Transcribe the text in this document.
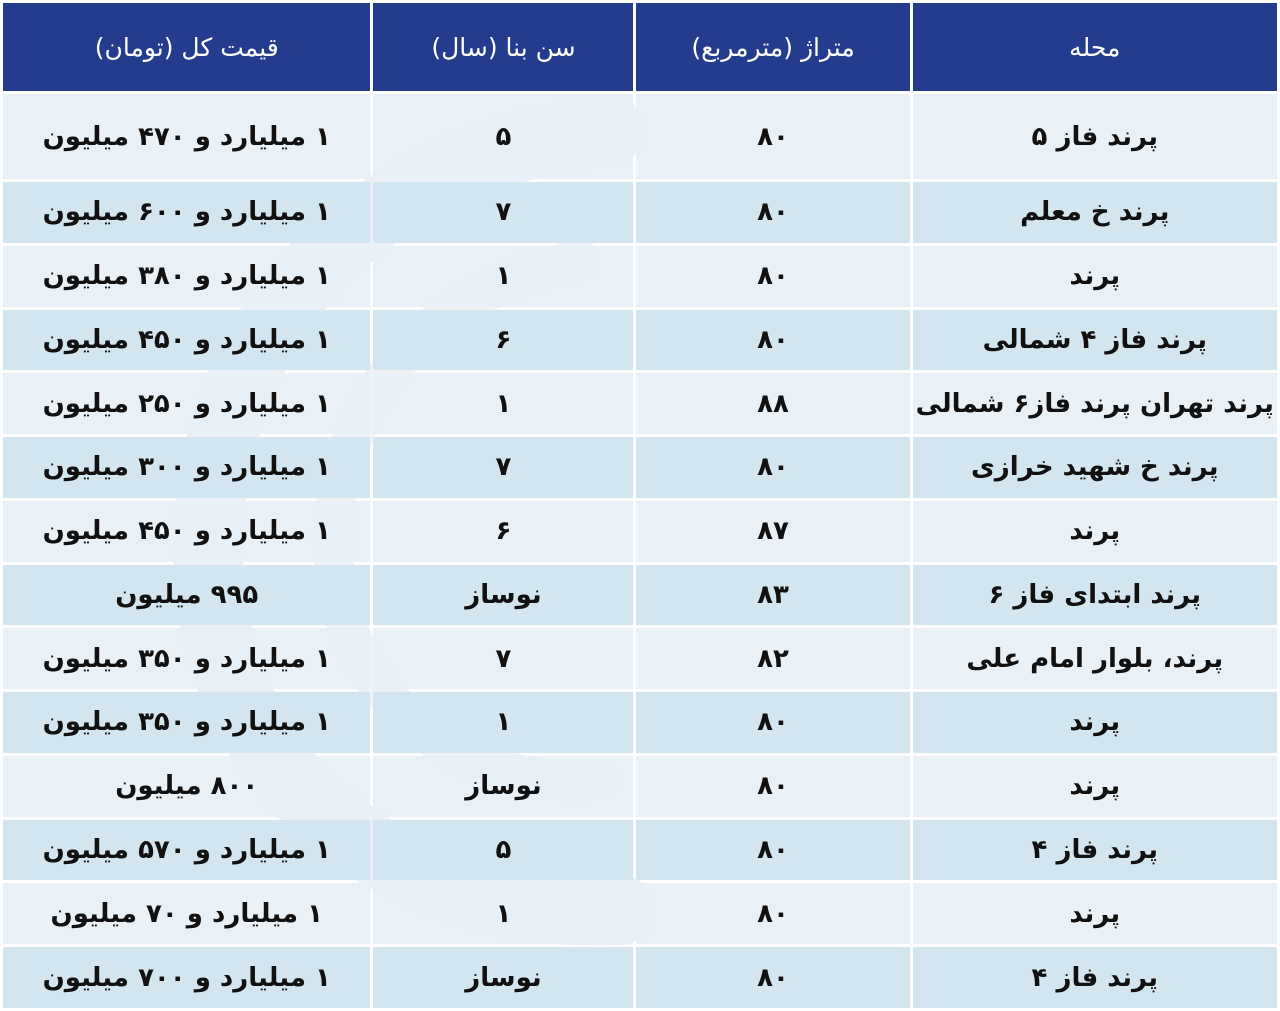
محله	متراژ (مترمربع)	سن بنا (سال)	قیمت کل (تومان)
پرند فاز ۵	۸۰	۵	۱ میلیارد و ۴۷۰ میلیون
پرند خ معلم	۸۰	۷	۱ میلیارد و ۶۰۰ میلیون
پرند	۸۰	۱	۱ میلیارد و ۳۸۰ میلیون
پرند فاز ۴ شمالی	۸۰	۶	۱ میلیارد و ۴۵۰ میلیون
پرند تهران پرند فاز۶ شمالی	۸۸	۱	۱ میلیارد و ۲۵۰ میلیون
پرند خ شهید خرازی	۸۰	۷	۱ میلیارد و ۳۰۰ میلیون
پرند	۸۷	۶	۱ میلیارد و ۴۵۰ میلیون
پرند ابتدای فاز ۶	۸۳	نوساز	۹۹۵ میلیون
پرند، بلوار امام علی	۸۲	۷	۱ میلیارد و ۳۵۰ میلیون
پرند	۸۰	۱	۱ میلیارد و ۳۵۰ میلیون
پرند	۸۰	نوساز	۸۰۰ میلیون
پرند فاز ۴	۸۰	۵	۱ میلیارد و ۵۷۰ میلیون
پرند	۸۰	۱	۱ میلیارد و ۷۰ میلیون
پرند فاز ۴	۸۰	نوساز	۱ میلیارد و ۷۰۰ میلیون
